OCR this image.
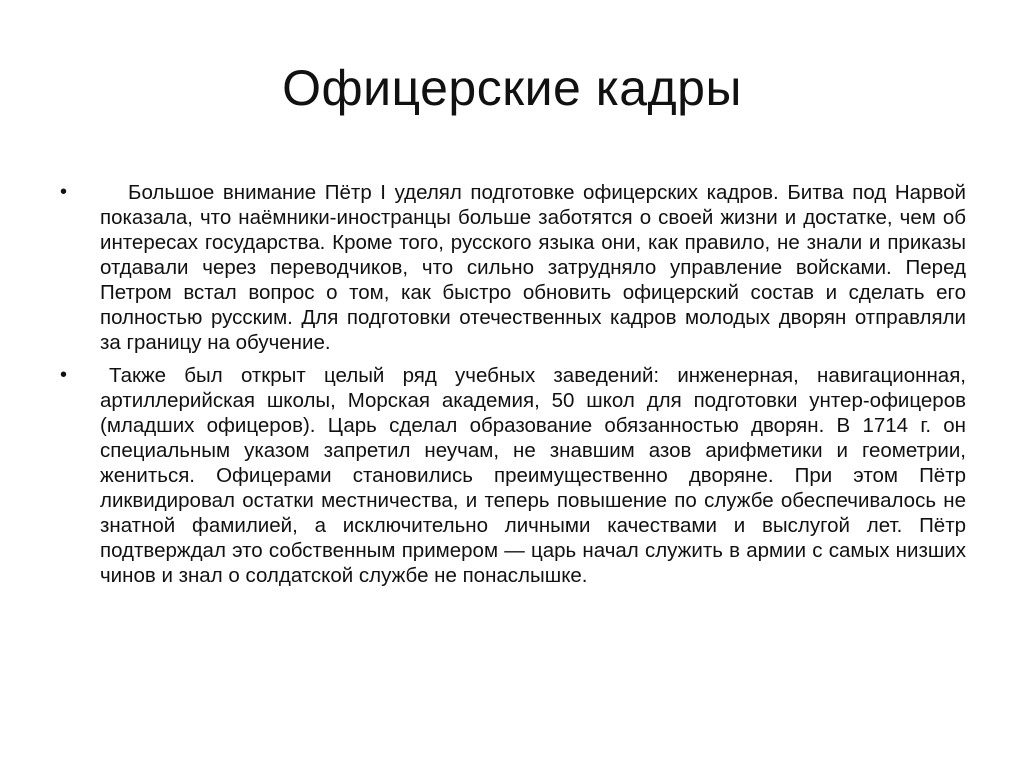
Офицерские кадры
•	Большое внимание Пётр I уделял подготовке офицерских кадров. Битва под Нарвой показала, что наёмники-иностранцы больше заботятся о своей жизни и достатке, чем об интересах государства. Кроме того, русского языка они, как правило, не знали и приказы отдавали через переводчиков, что сильно затрудняло управление войсками. Перед Петром встал вопрос о том, как быстро обновить офицерский состав и сделать его полностью русским. Для подготовки отечественных кадров молодых дворян отправляли за границу на обучение.

•	Также был открыт целый ряд учебных заведений: инженерная, навигационная, артиллерийская школы, Морская академия, 50 школ для подготовки унтер-офицеров (младших офицеров). Царь сделал образование обязанностью дворян. В 1714 г. он специальным указом запретил неучам, не знавшим азов арифметики и геометрии, жениться. Офицерами становились преимущественно дворяне. При этом Пётр ликвидировал остатки местничества, и теперь повышение по службе обеспечивалось не знатной фамилией, а исключительно личными качествами и выслугой лет. Пётр подтверждал это собственным примером — царь начал служить в армии с самых низших чинов и знал о солдатской службе не понаслышке.
